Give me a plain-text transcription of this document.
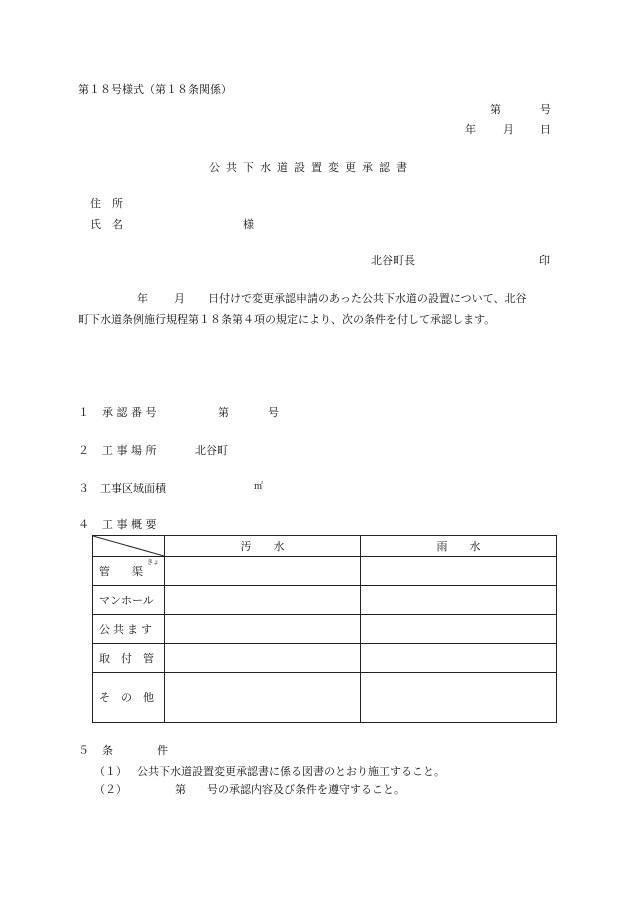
第１８号様式（第１８条関係）
第	号
年 月 日
公共下水道設置変更承認書
住　所
氏　名	様
北谷町長	印
年 月 日付けで変更承認申請のあった公共下水道の設置について、北谷
町下水道条例施行規程第１８条第４項の規定により、次の条件を付して承認します。
１ 承 認 番 号	第	号
２ 工 事 場 所	北谷町
３ 工事区域面積	㎡
４ 工 事 概 要
	汚　　水	雨　　水
管　　渠
きょ		

マンホール		
公共ます		
取　付　管		
そ　の　他		
５ 条　　　　件
（１） 公共下水道設置変更承認書に係る図書のとおり施工すること。
（２）	第 号の承認内容及び条件を遵守すること。
